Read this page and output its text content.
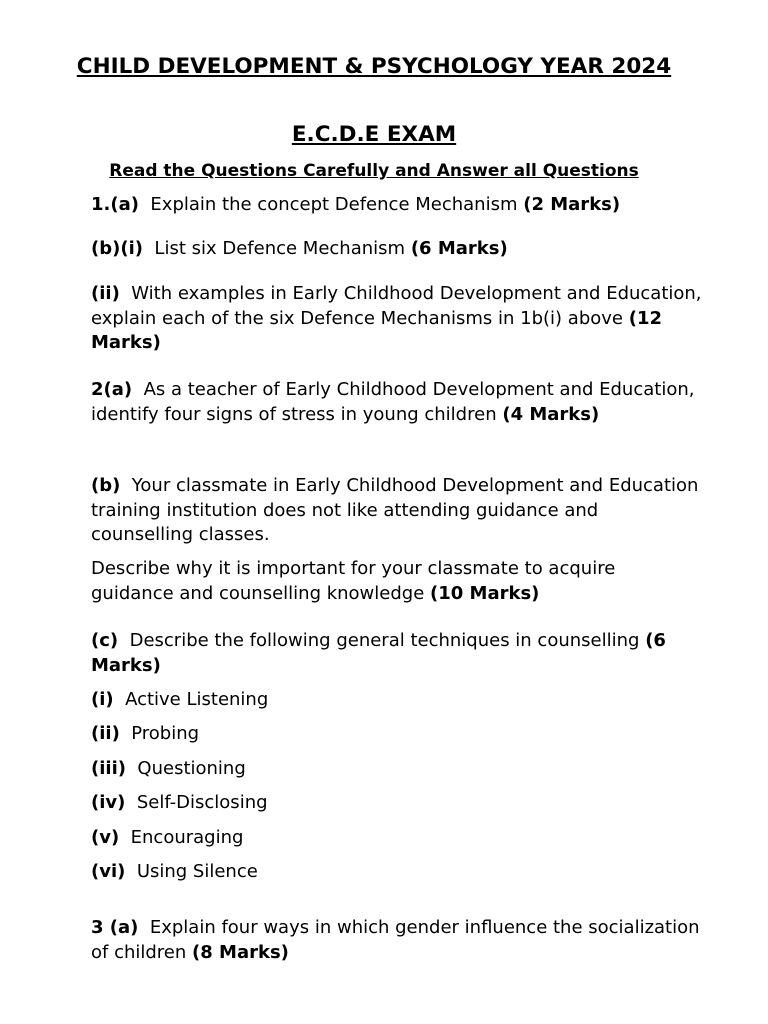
CHILD DEVELOPMENT & PSYCHOLOGY YEAR 2024
E.C.D.E EXAM
Read the Questions Carefully and Answer all Questions

1.(a) Explain the concept Defence Mechanism (2 Marks)

(b)(i) List six Defence Mechanism (6 Marks)

(ii) With examples in Early Childhood Development and Education, explain each of the six Defence Mechanisms in 1b(i) above (12 Marks)

2(a) As a teacher of Early Childhood Development and Education, identify four signs of stress in young children (4 Marks)

(b) Your classmate in Early Childhood Development and Education training institution does not like attending guidance and counselling classes.

Describe why it is important for your classmate to acquire guidance and counselling knowledge (10 Marks)

(c) Describe the following general techniques in counselling (6 Marks)

(i) Active Listening

(ii) Probing

(iii) Questioning

(iv) Self-Disclosing

(v) Encouraging

(vi) Using Silence

3 (a) Explain four ways in which gender influence the socialization of children (8 Marks)
